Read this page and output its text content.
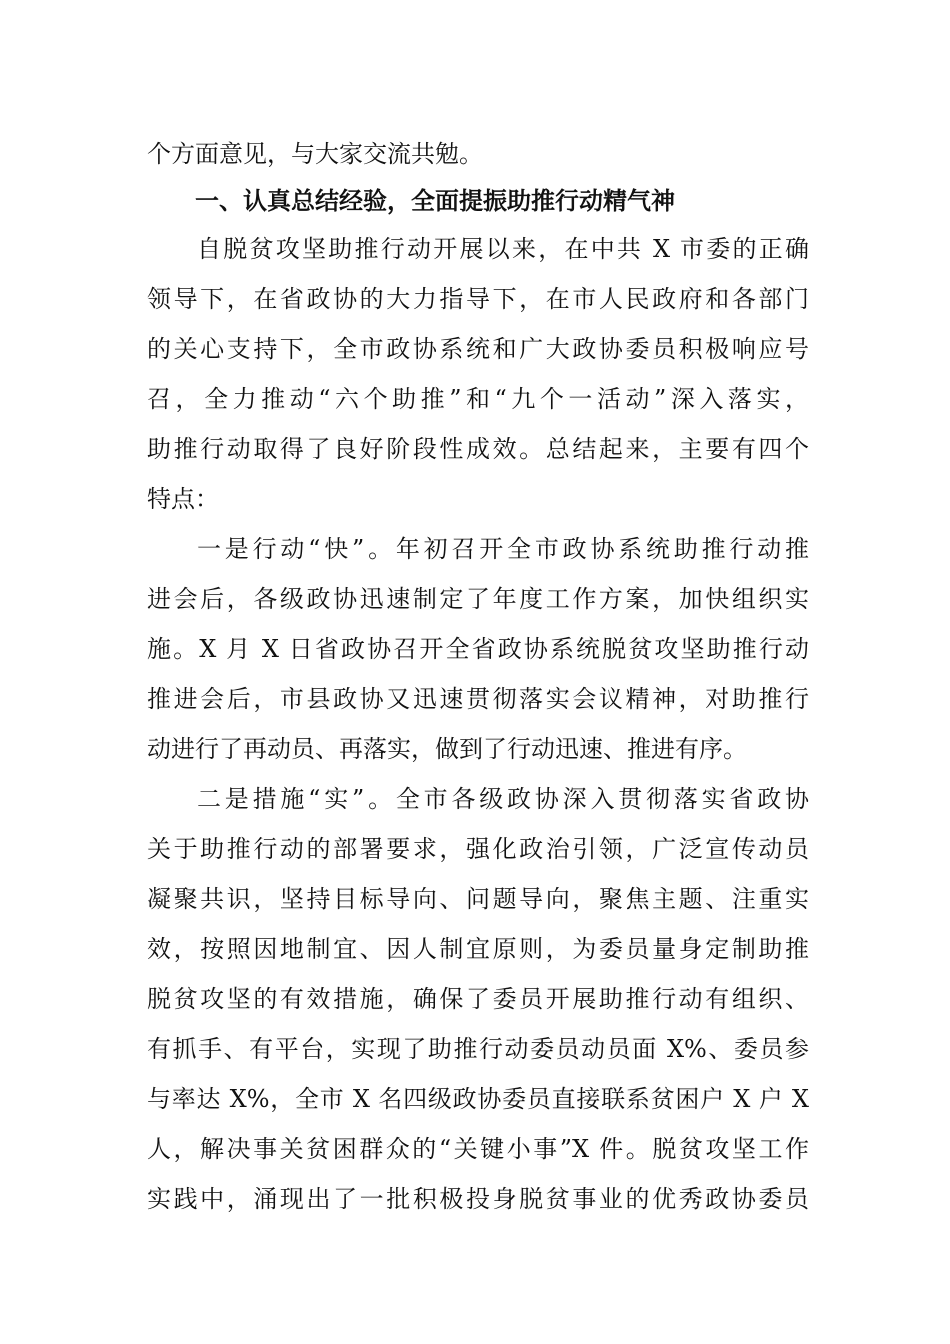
个方面意见，与大家交流共勉。
一、认真总结经验，全面提振助推行动精气神
自脱贫攻坚助推行动开展以来，在中共 X 市委的正确
领导下，在省政协的大力指导下，在市人民政府和各部门
的关心支持下，全市政协系统和广大政协委员积极响应号
召，全力推动“六个助推”和“九个一活动”深入落实，
助推行动取得了良好阶段性成效。总结起来，主要有四个
特点：
一是行动“快”。年初召开全市政协系统助推行动推
进会后，各级政协迅速制定了年度工作方案，加快组织实
施。X 月 X 日省政协召开全省政协系统脱贫攻坚助推行动
推进会后，市县政协又迅速贯彻落实会议精神，对助推行
动进行了再动员、再落实，做到了行动迅速、推进有序。
二是措施“实”。全市各级政协深入贯彻落实省政协
关于助推行动的部署要求，强化政治引领，广泛宣传动员
凝聚共识，坚持目标导向、问题导向，聚焦主题、注重实
效，按照因地制宜、因人制宜原则，为委员量身定制助推
脱贫攻坚的有效措施，确保了委员开展助推行动有组织、
有抓手、有平台，实现了助推行动委员动员面 X%、委员参
与率达 X%，全市 X 名四级政协委员直接联系贫困户 X 户 X
人，解决事关贫困群众的“关键小事”X 件。脱贫攻坚工作
实践中，涌现出了一批积极投身脱贫事业的优秀政协委员
